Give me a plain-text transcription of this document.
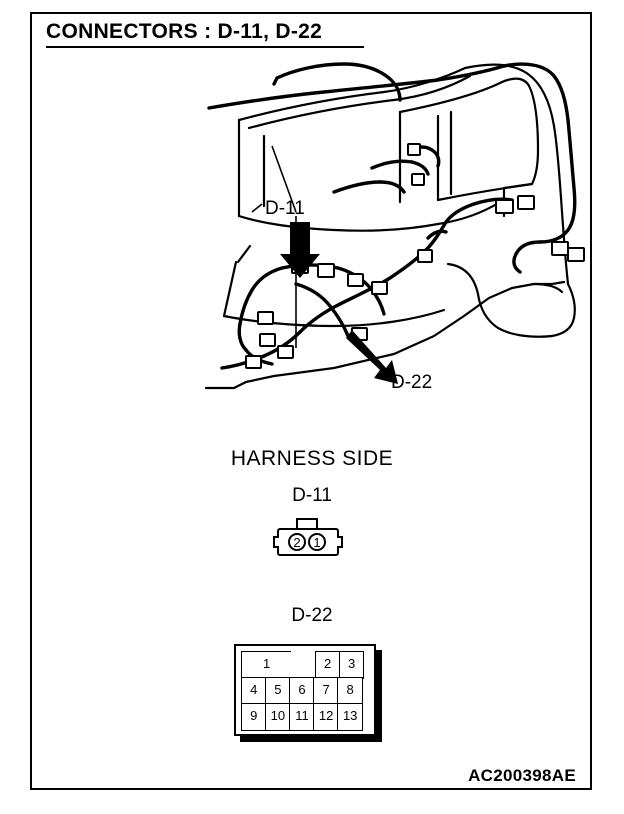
CONNECTORS : D-11, D-22
D-11
D-22
HARNESS SIDE
D-11
2 1
D-22
1	2	3
4	5	6	7	8
9	10 11 12 13
AC200398AE
